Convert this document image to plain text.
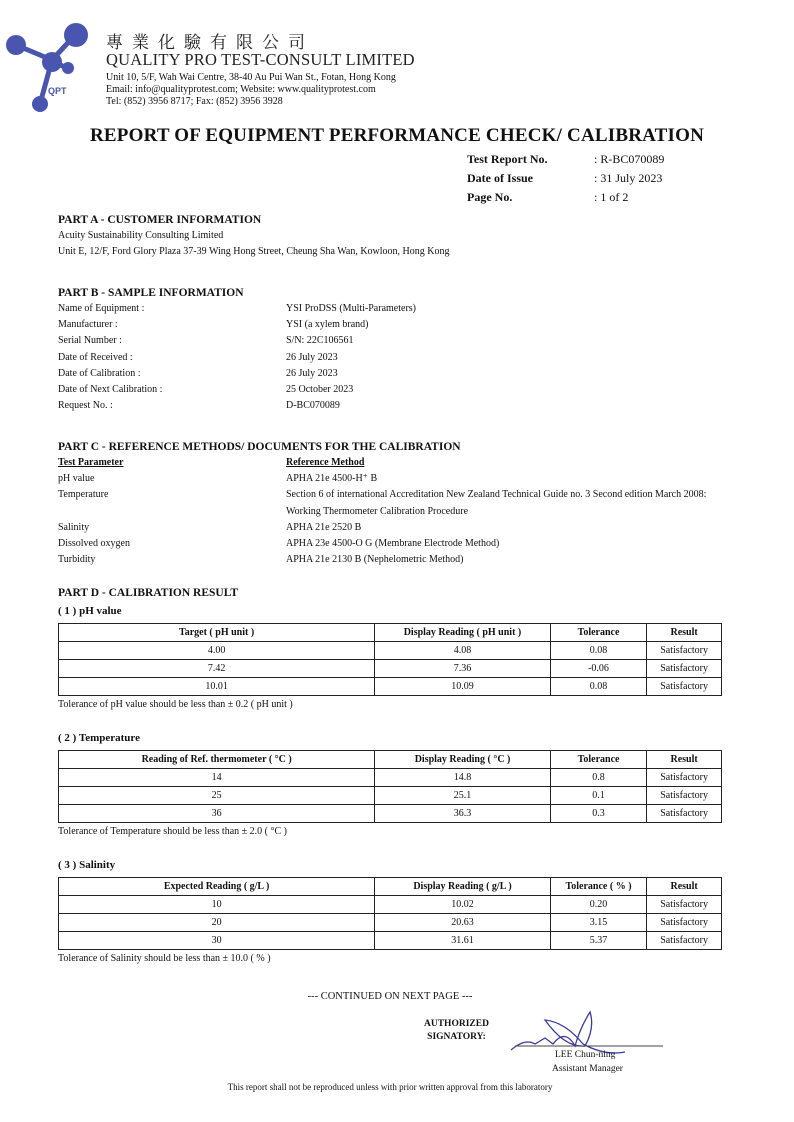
QPT
專業化驗有限公司
QUALITY PRO TEST-CONSULT LIMITED
Unit 10, 5/F, Wah Wai Centre, 38-40 Au Pui Wan St., Fotan, Hong Kong
Email: info@qualityprotest.com; Website: www.qualityprotest.com
Tel: (852) 3956 8717; Fax: (852) 3956 3928
REPORT OF EQUIPMENT PERFORMANCE CHECK/ CALIBRATION
Test Report No.	: R-BC070089
Date of Issue	: 31 July 2023
Page No.	: 1 of 2
PART A - CUSTOMER INFORMATION
Acuity Sustainability Consulting Limited
Unit E, 12/F, Ford Glory Plaza 37-39 Wing Hong Street, Cheung Sha Wan, Kowloon, Hong Kong
PART B - SAMPLE INFORMATION
Name of Equipment :	YSI ProDSS (Multi-Parameters)
Manufacturer :	YSI (a xylem brand)
Serial Number :	S/N: 22C106561
Date of Received :	26 July 2023
Date of Calibration :	26 July 2023
Date of Next Calibration :	25 October 2023
Request No. :	D-BC070089
PART C - REFERENCE METHODS/ DOCUMENTS FOR THE CALIBRATION
Test Parameter	Reference Method
pH value	APHA 21e 4500-H⁺ B
Temperature	Section 6 of international Accreditation New Zealand Technical Guide no. 3 Second edition March 2008: Working Thermometer Calibration Procedure
Salinity	APHA 21e 2520 B
Dissolved oxygen	APHA 23e 4500-O G (Membrane Electrode Method)
Turbidity	APHA 21e 2130 B (Nephelometric Method)
PART D - CALIBRATION RESULT
--- CONTINUED ON NEXT PAGE ---
AUTHORIZED
SIGNATORY:
LEE Chun-ning
Assistant Manager
This report shall not be reproduced unless with prior written approval from this laboratory
( 1 ) pH value
Target ( pH unit )	Display Reading ( pH unit )	Tolerance	Result
4.00	4.08	0.08	Satisfactory
7.42	7.36	-0.06	Satisfactory
10.01	10.09	0.08	Satisfactory
Tolerance of pH value should be less than ± 0.2 ( pH unit )
( 2 ) Temperature
Reading of Ref. thermometer ( °C )	Display Reading ( °C )	Tolerance	Result
14	14.8	0.8	Satisfactory
25	25.1	0.1	Satisfactory
36	36.3	0.3	Satisfactory
Tolerance of Temperature should be less than ± 2.0 ( °C )
( 3 ) Salinity
Expected Reading ( g/L )	Display Reading ( g/L )	Tolerance ( % )	Result
10	10.02	0.20	Satisfactory
20	20.63	3.15	Satisfactory
30	31.61	5.37	Satisfactory
Tolerance of Salinity should be less than ± 10.0 ( % )
